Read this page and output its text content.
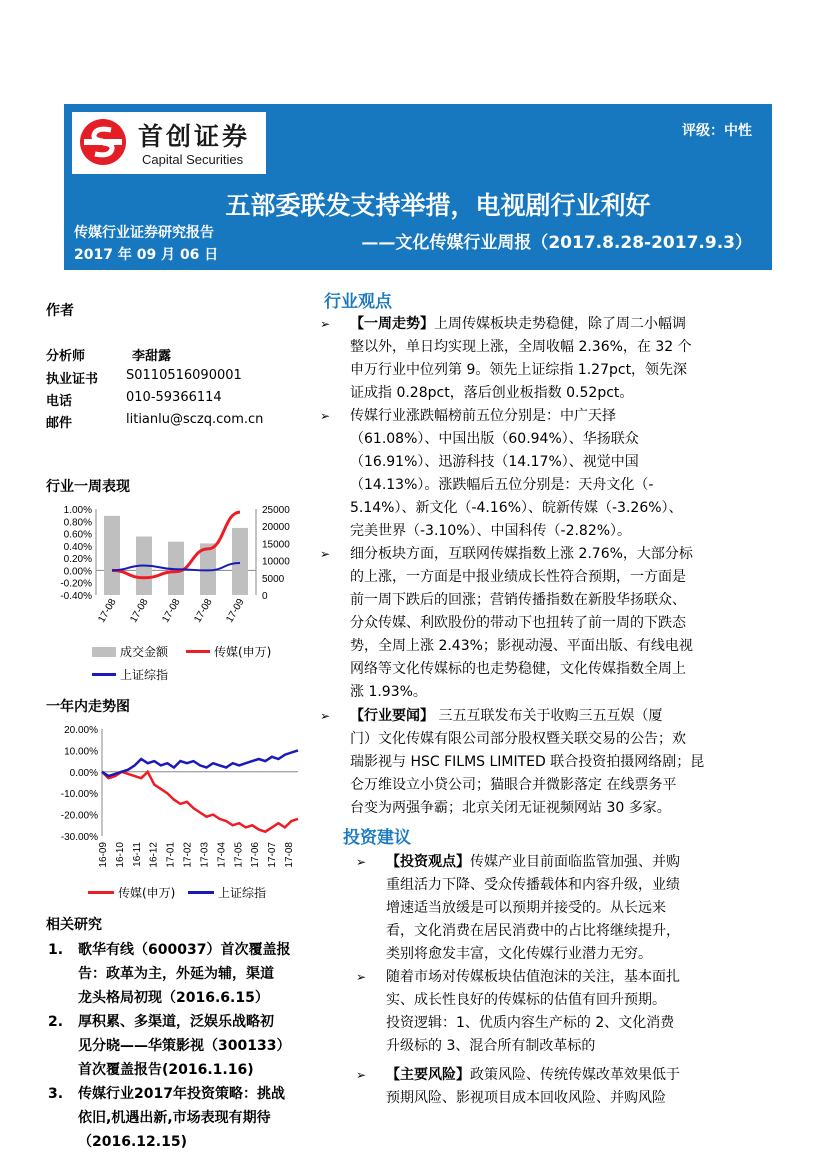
首创证券
Capital Securities
评级：中性
五部委联发支持举措，电视剧行业利好
传媒行业证券研究报告	——文化传媒行业周报（2017.8.28-2017.9.3）
2017 年 09 月 06 日
作者
分析师	李甜露
执业证书	S0110516090001
电话	010-59366114
邮件	litianlu@sczq.com.cn
行业一周表现
1.00%
0.80%
0.60%
0.40%
0.20%
0.00%
-0.20%
-0.40%
25000
20000
15000
10000
5000
0
17-08 17-08 17-08 17-08 17-09
成交金额	传媒(申万)
上证综指
一年内走势图
20.00%
10.00%
0.00%
-10.00%
-20.00%
-30.00%
16-09 16-10 16-11 16-12 17-01 17-02 17-03 17-04 17-05 17-06 17-07 17-08
传媒(申万)	上证综指
相关研究
1. 歌华有线（600037）首次覆盖报
告：政革为主，外延为辅，渠道
龙头格局初现（2016.6.15）
2. 厚积累、多渠道，泛娱乐战略初
见分晓——华策影视（300133）
首次覆盖报告(2016.1.16)
3. 传媒行业2017年投资策略：挑战
依旧,机遇出新,市场表现有期待
（2016.12.15)
行业观点
➢ 【一周走势】上周传媒板块走势稳健，除了周二小幅调
整以外，单日均实现上涨，全周收幅 2.36%，在 32 个
申万行业中位列第 9。领先上证综指 1.27pct，领先深
证成指 0.28pct，落后创业板指数 0.52pct。
➢ 传媒行业涨跌幅榜前五位分别是：中广天择
（61.08%）、中国出版（60.94%）、华扬联众
（16.91%）、迅游科技（14.17%）、视觉中国
（14.13%）。涨跌幅后五位分别是：天舟文化（-
5.14%）、新文化（-4.16%）、皖新传媒（-3.26%）、
完美世界（-3.10%）、中国科传（-2.82%）。
➢ 细分板块方面，互联网传媒指数上涨 2.76%，大部分标
的上涨，一方面是中报业绩成长性符合预期，一方面是
前一周下跌后的回涨；营销传播指数在新股华扬联众、
分众传媒、利欧股份的带动下也扭转了前一周的下跌态
势，全周上涨 2.43%；影视动漫、平面出版、有线电视
网络等文化传媒标的也走势稳健，文化传媒指数全周上
涨 1.93%。
➢ 【行业要闻】 三五互联发布关于收购三五互娱（厦
门）文化传媒有限公司部分股权暨关联交易的公告；欢
瑞影视与 HSC FILMS LIMITED 联合投资拍摄网络剧；昆
仑万维设立小贷公司；猫眼合并微影落定 在线票务平
台变为两强争霸；北京关闭无证视频网站 30 多家。
投资建议
➢ 【投资观点】传媒产业目前面临监管加强、并购
重组活力下降、受众传播载体和内容升级，业绩
增速适当放缓是可以预期并接受的。从长远来
看，文化消费在居民消费中的占比将继续提升，
类别将愈发丰富，文化传媒行业潜力无穷。
➢ 随着市场对传媒板块估值泡沫的关注，基本面扎
实、成长性良好的传媒标的估值有回升预期。
投资逻辑：1、优质内容生产标的 2、文化消费
升级标的 3、混合所有制改革标的
➢ 【主要风险】政策风险、传统传媒改革效果低于
预期风险、影视项目成本回收风险、并购风险
